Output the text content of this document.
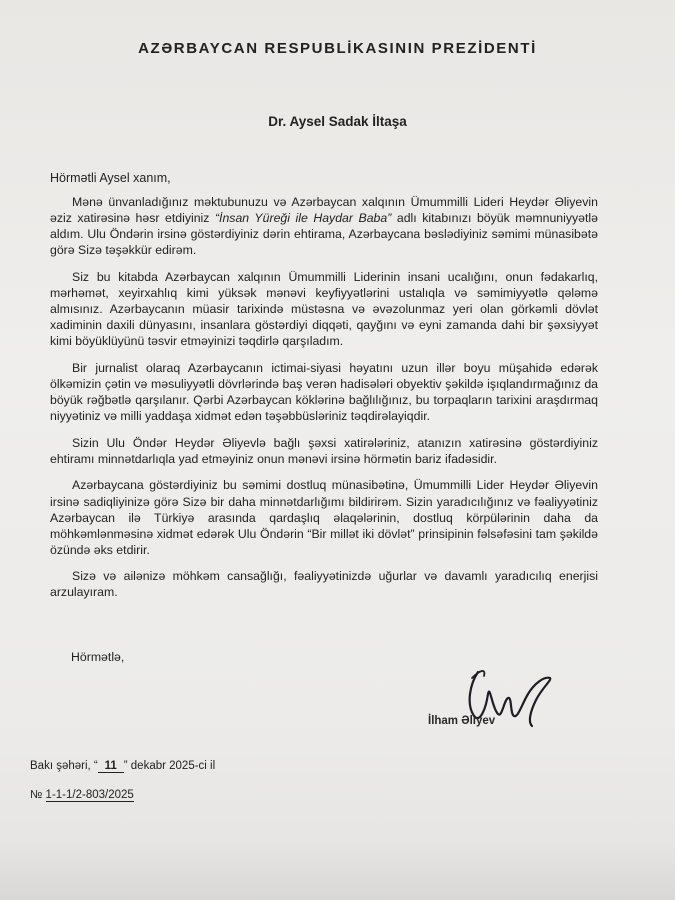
AZƏRBAYCAN RESPUBLİKASININ PREZİDENTİ
Dr. Aysel Sadak İltaşa
Hörmətli Aysel xanım,

Mənə ünvanladığınız məktubunuzu və Azərbaycan xalqının Ümummilli Lideri Heydər Əliyevin əziz xatirəsinə həsr etdiyiniz “İnsan Yüreği ile Haydar Baba” adlı kitabınızı böyük məmnuniyyətlə aldım. Ulu Öndərin irsinə göstərdiyiniz dərin ehtirama, Azərbaycana bəslədiyiniz səmimi münasibətə görə Sizə təşəkkür edirəm.

Siz bu kitabda Azərbaycan xalqının Ümummilli Liderinin insani ucalığını, onun fədakarlıq, mərhəmət, xeyirxahlıq kimi yüksək mənəvi keyfiyyətlərini ustalıqla və səmimiyyətlə qələmə almısınız. Azərbaycanın müasir tarixində müstəsna və əvəzolunmaz yeri olan görkəmli dövlət xadiminin daxili dünyasını, insanlara göstərdiyi diqqəti, qayğını və eyni zamanda dahi bir şəxsiyyət kimi böyüklüyünü təsvir etməyinizi təqdirlə qarşıladım.

Bir jurnalist olaraq Azərbaycanın ictimai-siyasi həyatını uzun illər boyu müşahidə edərək ölkəmizin çətin və məsuliyyətli dövrlərində baş verən hadisələri obyektiv şəkildə işıqlandırmağınız da böyük rəğbətlə qarşılanır. Qərbi Azərbaycan köklərinə bağlılığınız, bu torpaqların tarixini araşdırmaq niyyətiniz və milli yaddaşa xidmət edən təşəbbüsləriniz təqdirəlayiqdir.

Sizin Ulu Öndər Heydər Əliyevlə bağlı şəxsi xatirələriniz, atanızın xatirəsinə göstərdiyiniz ehtiramı minnətdarlıqla yad etməyiniz onun mənəvi irsinə hörmətin bariz ifadəsidir.

Azərbaycana göstərdiyiniz bu səmimi dostluq münasibətinə, Ümummilli Lider Heydər Əliyevin irsinə sadiqliyinizə görə Sizə bir daha minnətdarlığımı bildirirəm. Sizin yaradıcılığınız və fəaliyyətiniz Azərbaycan ilə Türkiyə arasında qardaşlıq əlaqələrinin, dostluq körpülərinin daha da möhkəmlənməsinə xidmət edərək Ulu Öndərin “Bir millət iki dövlət” prinsipinin fəlsəfəsini tam şəkildə özündə əks etdirir.

Sizə və ailənizə möhkəm cansağlığı, fəaliyyətinizdə uğurlar və davamlı yaradıcılıq enerjisi arzulayıram.

Hörmətlə,
İlham Əliyev
Bakı şəhəri, “ 11 ” dekabr 2025-ci il
№ 1-1-1/2-803/2025
